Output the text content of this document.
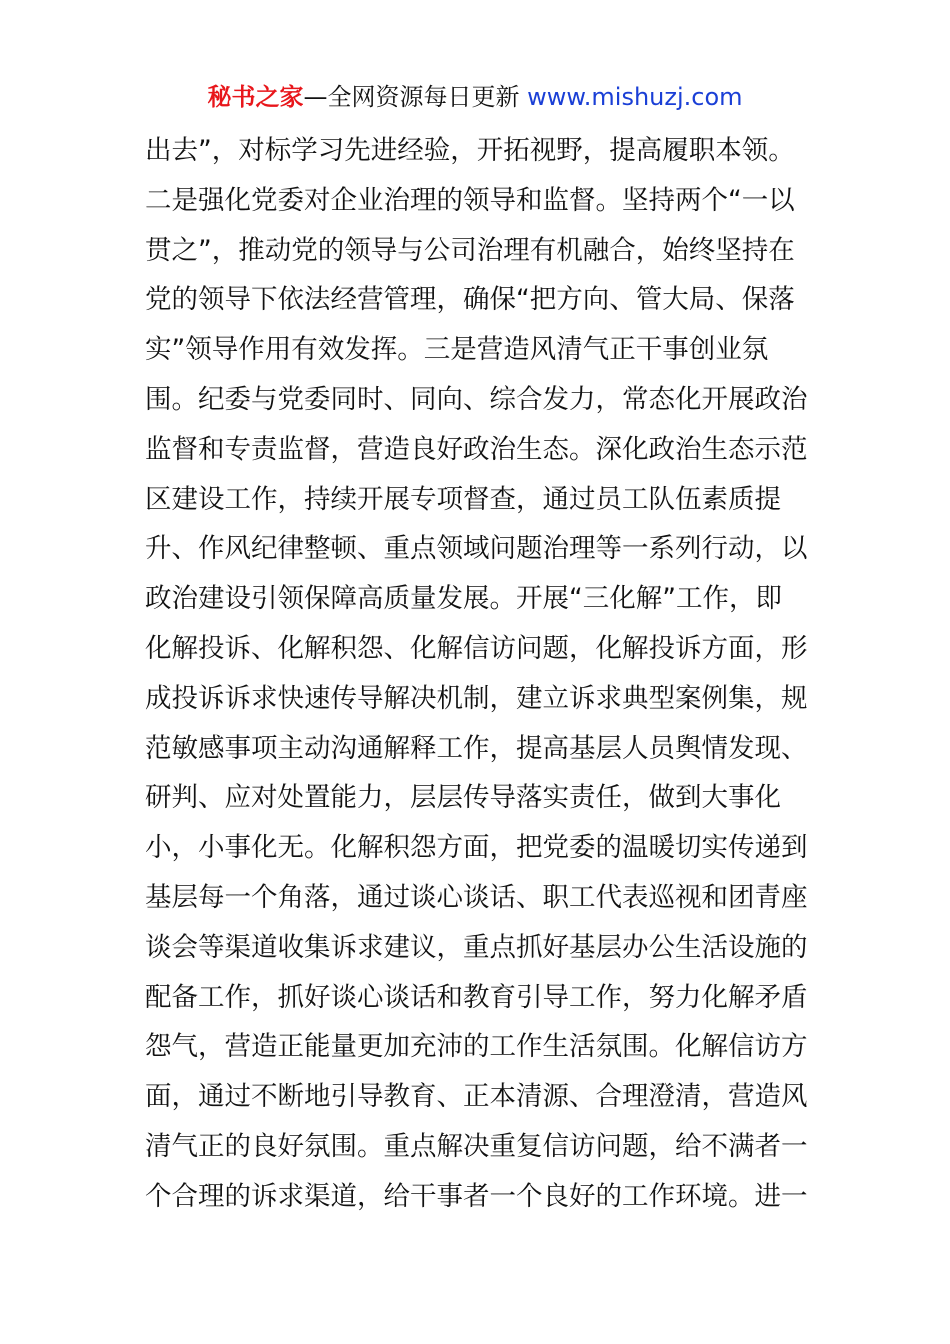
秘书之家—全网资源每日更新 www.mishuzj.com
出去”，对标学习先进经验，开拓视野，提高履职本领。
二是强化党委对企业治理的领导和监督。坚持两个“一以
贯之”，推动党的领导与公司治理有机融合，始终坚持在
党的领导下依法经营管理，确保“把方向、管大局、保落
实”领导作用有效发挥。三是营造风清气正干事创业氛
围。纪委与党委同时、同向、综合发力，常态化开展政治
监督和专责监督，营造良好政治生态。深化政治生态示范
区建设工作，持续开展专项督查，通过员工队伍素质提
升、作风纪律整顿、重点领域问题治理等一系列行动，以
政治建设引领保障高质量发展。开展“三化解”工作，即
化解投诉、化解积怨、化解信访问题，化解投诉方面，形
成投诉诉求快速传导解决机制，建立诉求典型案例集，规
范敏感事项主动沟通解释工作，提高基层人员舆情发现、
研判、应对处置能力，层层传导落实责任，做到大事化
小，小事化无。化解积怨方面，把党委的温暖切实传递到
基层每一个角落，通过谈心谈话、职工代表巡视和团青座
谈会等渠道收集诉求建议，重点抓好基层办公生活设施的
配备工作，抓好谈心谈话和教育引导工作，努力化解矛盾
怨气，营造正能量更加充沛的工作生活氛围。化解信访方
面，通过不断地引导教育、正本清源、合理澄清，营造风
清气正的良好氛围。重点解决重复信访问题，给不满者一
个合理的诉求渠道，给干事者一个良好的工作环境。进一
